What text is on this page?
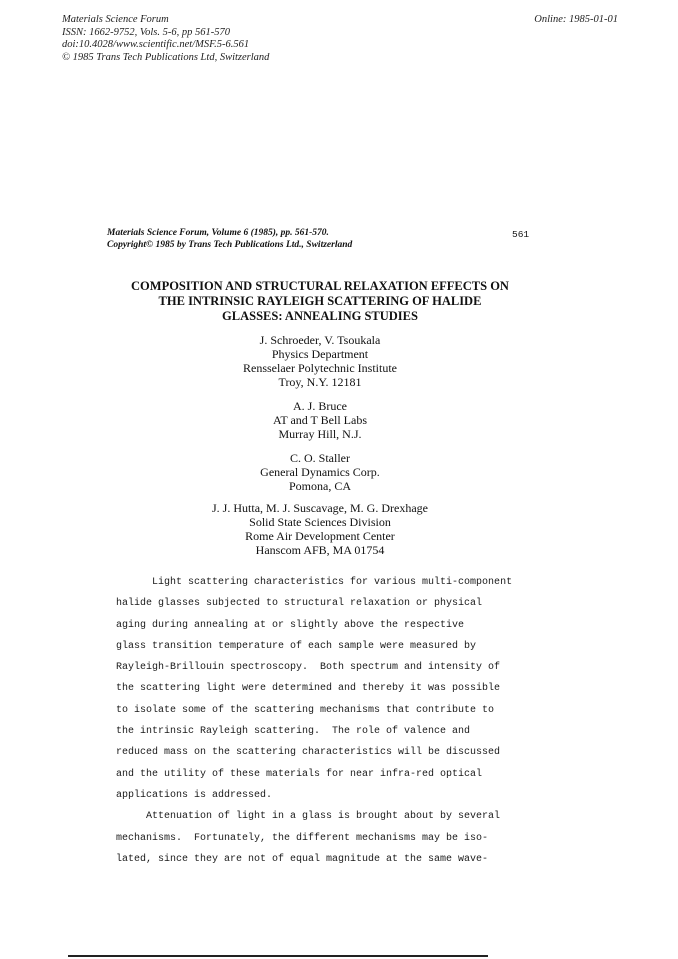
Materials Science Forum
ISSN: 1662-9752, Vols. 5-6, pp 561-570
doi:10.4028/www.scientific.net/MSF.5-6.561
© 1985 Trans Tech Publications Ltd, Switzerland
Online: 1985-01-01
Materials Science Forum, Volume 6 (1985), pp. 561-570.
Copyright© 1985 by Trans Tech Publications Ltd., Switzerland
561
COMPOSITION AND STRUCTURAL RELAXATION EFFECTS ON
THE INTRINSIC RAYLEIGH SCATTERING OF HALIDE
GLASSES: ANNEALING STUDIES
J. Schroeder, V. Tsoukala
Physics Department
Rensselaer Polytechnic Institute
Troy, N.Y. 12181
A. J. Bruce
AT and T Bell Labs
Murray Hill, N.J.
C. O. Staller
General Dynamics Corp.
Pomona, CA
J. J. Hutta, M. J. Suscavage, M. G. Drexhage
Solid State Sciences Division
Rome Air Development Center
Hanscom AFB, MA 01754
Light scattering characteristics for various multi-component
halide glasses subjected to structural relaxation or physical
aging during annealing at or slightly above the respective
glass transition temperature of each sample were measured by
Rayleigh-Brillouin spectroscopy.  Both spectrum and intensity of
the scattering light were determined and thereby it was possible
to isolate some of the scattering mechanisms that contribute to
the intrinsic Rayleigh scattering.  The role of valence and
reduced mass on the scattering characteristics will be discussed
and the utility of these materials for near infra-red optical
applications is addressed.
Attenuation of light in a glass is brought about by several
mechanisms.  Fortunately, the different mechanisms may be iso-
lated, since they are not of equal magnitude at the same wave-
